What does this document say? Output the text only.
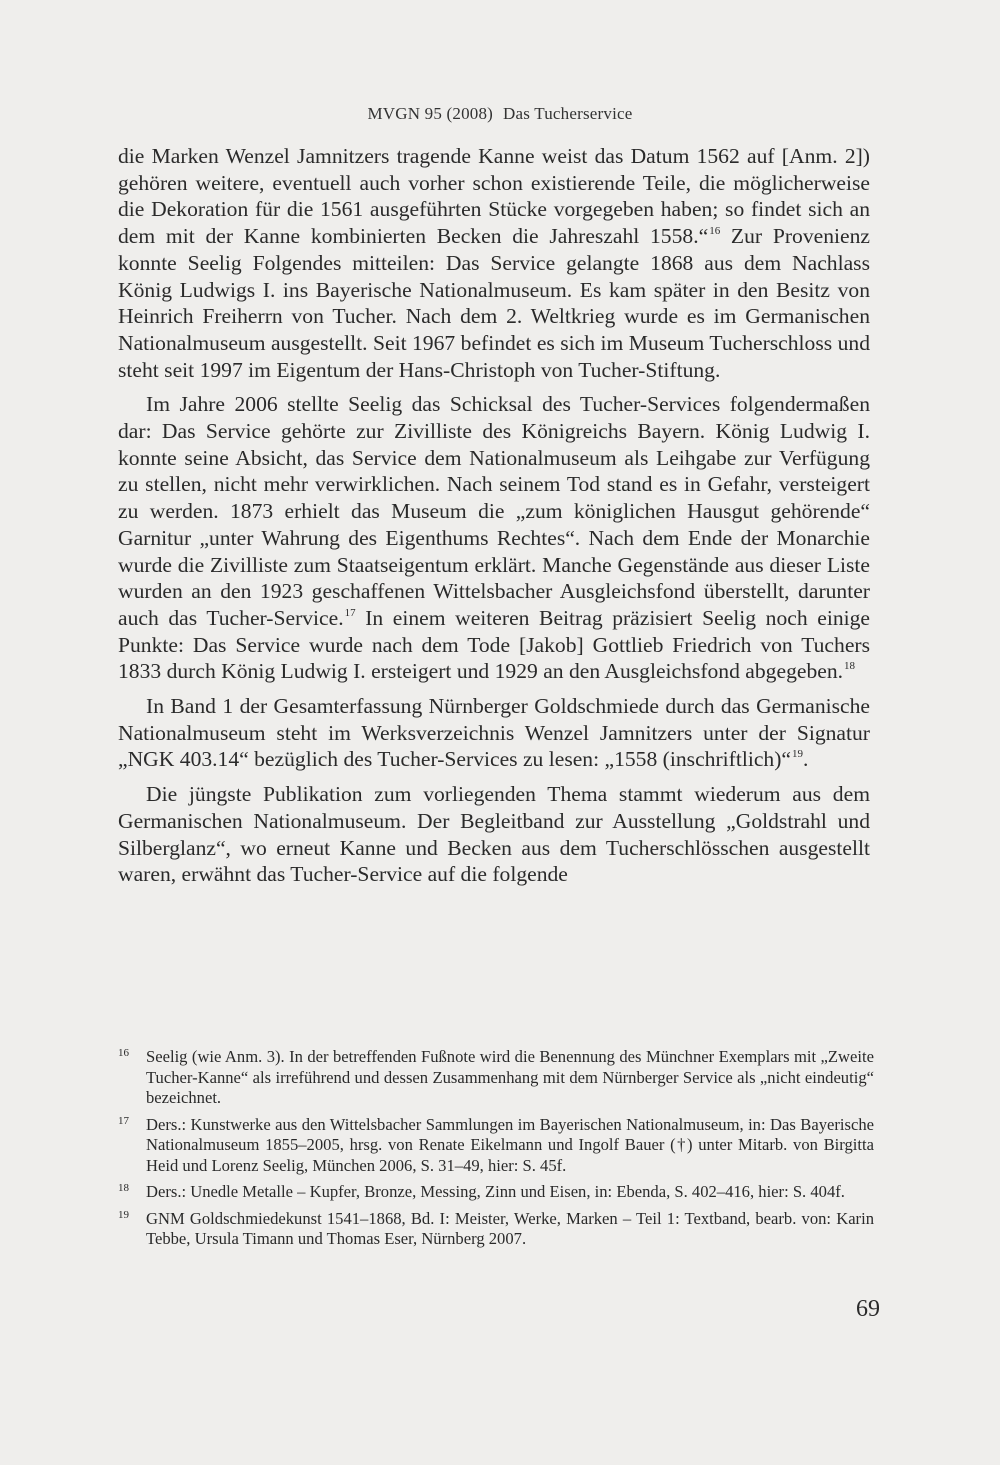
MVGN 95 (2008) Das Tucherservice

die Marken Wenzel Jamnitzers tragende Kanne weist das Datum 1562 auf [Anm. 2]) gehören weitere, eventuell auch vorher schon existierende Teile, die möglicherweise die Dekoration für die 1561 ausgeführten Stücke vorgegeben haben; so findet sich an dem mit der Kanne kombinierten Becken die Jahreszahl 1558.“$^{16}$ Zur Provenienz konnte Seelig Folgendes mitteilen: Das Service gelangte 1868 aus dem Nachlass König Ludwigs I. ins Bayerische Nationalmuseum. Es kam später in den Besitz von Heinrich Freiherrn von Tucher. Nach dem 2. Weltkrieg wurde es im Germanischen Nationalmuseum ausgestellt. Seit 1967 befindet es sich im Museum Tucherschloss und steht seit 1997 im Eigentum der Hans-Christoph von Tucher-Stiftung.

Im Jahre 2006 stellte Seelig das Schicksal des Tucher-Services folgendermaßen dar: Das Service gehörte zur Zivilliste des Königreichs Bayern. König Ludwig I. konnte seine Absicht, das Service dem Nationalmuseum als Leihgabe zur Verfügung zu stellen, nicht mehr verwirklichen. Nach seinem Tod stand es in Gefahr, versteigert zu werden. 1873 erhielt das Museum die „zum königlichen Hausgut gehörende“ Garnitur „unter Wahrung des Eigenthums Rechtes“. Nach dem Ende der Monarchie wurde die Zivilliste zum Staatseigentum erklärt. Manche Gegenstände aus dieser Liste wurden an den 1923 geschaffenen Wittelsbacher Ausgleichsfond überstellt, darunter auch das Tucher-Service.$^{17}$ In einem weiteren Beitrag präzisiert Seelig noch einige Punkte: Das Service wurde nach dem Tode [Jakob] Gottlieb Friedrich von Tuchers 1833 durch König Ludwig I. ersteigert und 1929 an den Ausgleichsfond abgegeben.$^{18}$

In Band 1 der Gesamterfassung Nürnberger Goldschmiede durch das Germanische Nationalmuseum steht im Werksverzeichnis Wenzel Jamnitzers unter der Signatur „NGK 403.14“ bezüglich des Tucher-Services zu lesen: „1558 (inschriftlich)“$^{19}$.

Die jüngste Publikation zum vorliegenden Thema stammt wiederum aus dem Germanischen Nationalmuseum. Der Begleitband zur Ausstellung „Goldstrahl und Silberglanz“, wo erneut Kanne und Becken aus dem Tucherschlösschen ausgestellt waren, erwähnt das Tucher-Service auf die folgende

16 Seelig (wie Anm. 3). In der betreffenden Fußnote wird die Benennung des Münchner Exemplars mit „Zweite Tucher-Kanne“ als irreführend und dessen Zusammenhang mit dem Nürnberger Service als „nicht eindeutig“ bezeichnet.
17 Ders.: Kunstwerke aus den Wittelsbacher Sammlungen im Bayerischen Nationalmuseum, in: Das Bayerische Nationalmuseum 1855–2005, hrsg. von Renate Eikelmann und Ingolf Bauer (†) unter Mitarb. von Birgitta Heid und Lorenz Seelig, München 2006, S. 31–49, hier: S. 45f.
18 Ders.: Unedle Metalle – Kupfer, Bronze, Messing, Zinn und Eisen, in: Ebenda, S. 402–416, hier: S. 404f.
19 GNM Goldschmiedekunst 1541–1868, Bd. I: Meister, Werke, Marken – Teil 1: Textband, bearb. von: Karin Tebbe, Ursula Timann und Thomas Eser, Nürnberg 2007.
69
